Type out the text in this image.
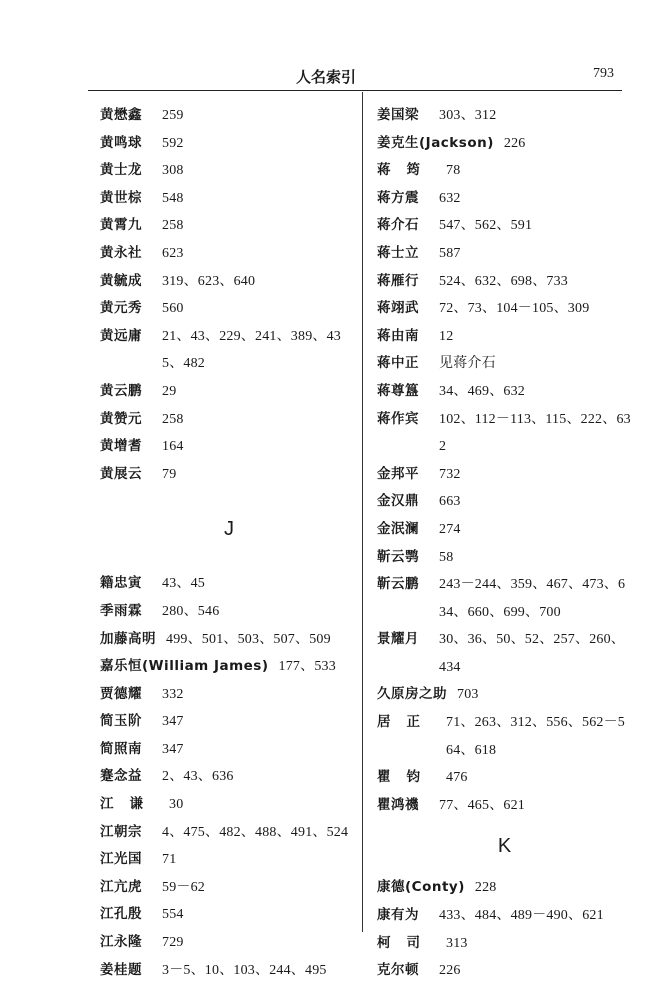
人名索引	793
黄懋鑫	259
黄鸣球	592
黄士龙	308
黄世棕	548
黄霄九	258
黄永社	623
黄毓成	319、623、640
黄元秀	560
黄远庸	21、43、229、241、389、435、482
黄云鹏	29
黄赞元	258
黄增耆	164
黄展云	79
J
籍忠寅	43、45
季雨霖	280、546
加藤高明 499、501、503、507、509
嘉乐恒(William James) 177、533
贾德耀	332
简玉阶	347
简照南	347
蹇念益	2、43、636
江谦 30
江朝宗	4、475、482、488、491、524
江光国	71
江亢虎	59－62
江孔殷	554
江永隆	729
姜桂题	3－5、10、103、244、495
姜国梁	303、312
姜克生(Jackson) 226
蒋筠 78
蒋方震	632
蒋介石	547、562、591
蒋士立	587
蒋雁行	524、632、698、733
蒋翊武	72、73、104－105、309
蒋由南	12
蒋中正	见蒋介石
蒋尊簋	34、469、632
蒋作宾	102、112－113、115、222、632
金邦平	732
金汉鼎	663
金泯澜	274
靳云鹗	58
靳云鹏	243－244、359、467、473、634、660、699、700
景耀月	30、36、50、52、257、260、434
久原房之助 703
居正 71、263、312、556、562－564、618
瞿钧 476
瞿鸿禨	77、465、621
K
康德(Conty) 228
康有为	433、484、489－490、621
柯司 313
克尔顿	226
